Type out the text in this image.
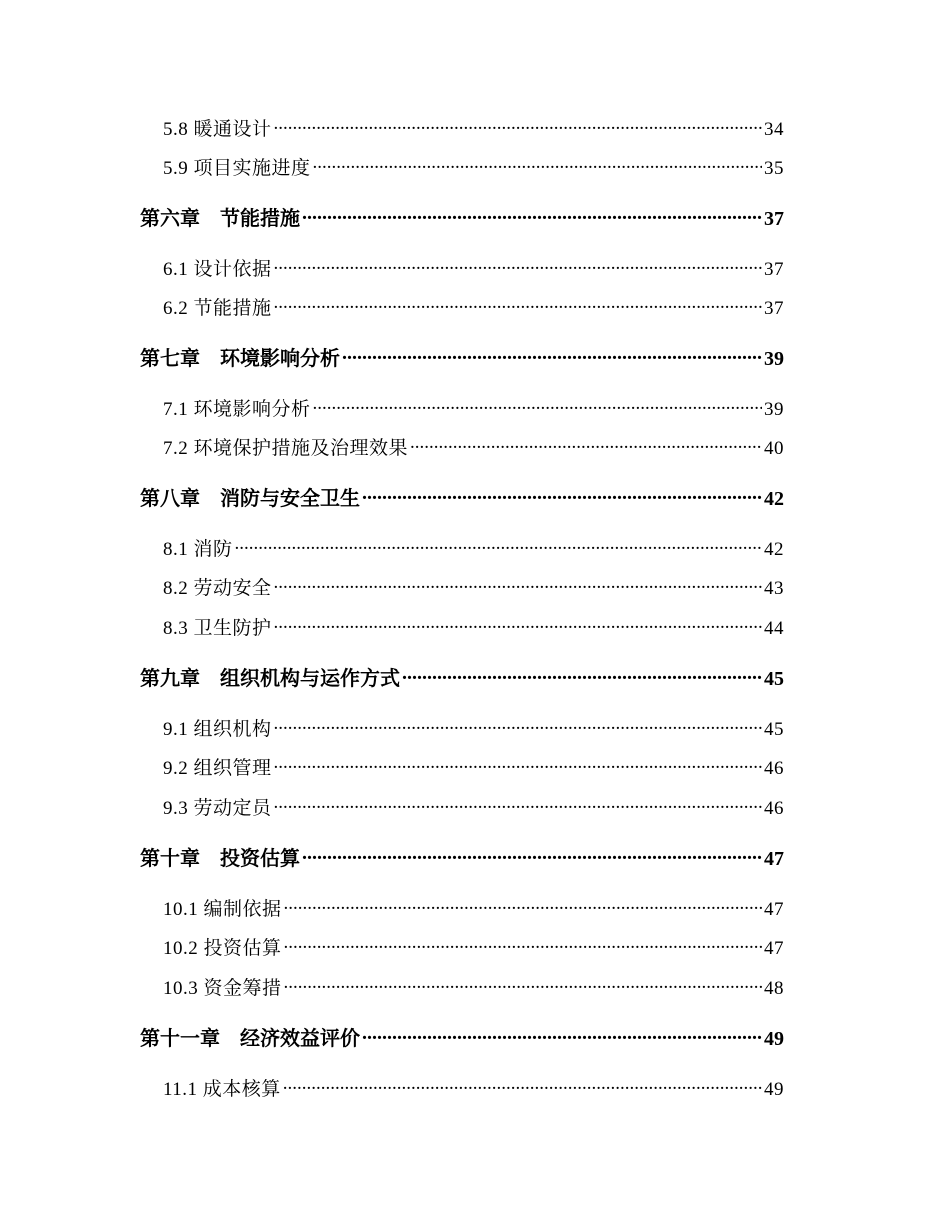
5.8 暖通设计 .....	34
5.9 项目实施进度 .....	35
第六章　节能措施 .....	37
6.1 设计依据 .....	37
6.2 节能措施 .....	37
第七章　环境影响分析 .....	39
7.1 环境影响分析 .....	39
7.2 环境保护措施及治理效果 .....	40
第八章　消防与安全卫生 .....	42
8.1 消防 .....	42
8.2 劳动安全 .....	43
8.3 卫生防护 .....	44
第九章　组织机构与运作方式 .....	45
9.1 组织机构 .....	45
9.2 组织管理 .....	46
9.3 劳动定员 .....	46
第十章　投资估算 .....	47
10.1 编制依据 .....	47
10.2 投资估算 .....	47
10.3 资金筹措 .....	48
第十一章　经济效益评价 .....	49
11.1 成本核算 .....	49
